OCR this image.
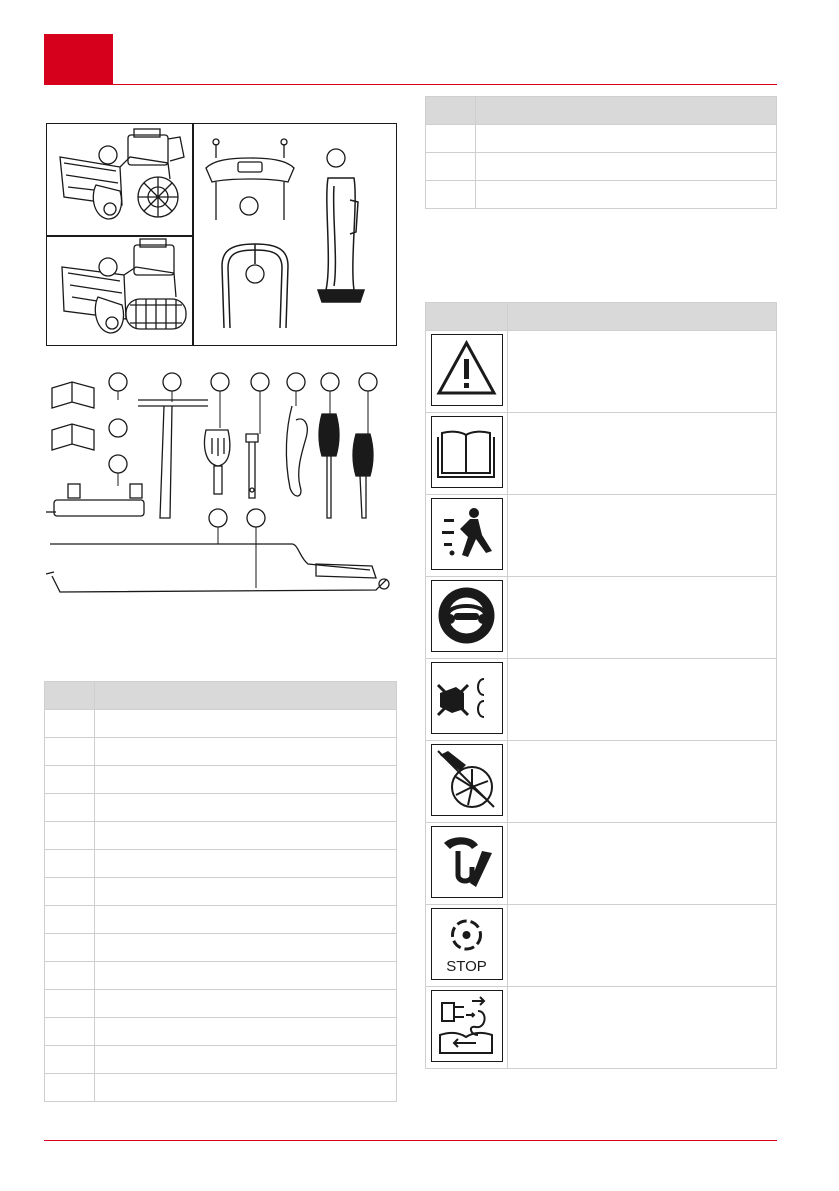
STOP	
